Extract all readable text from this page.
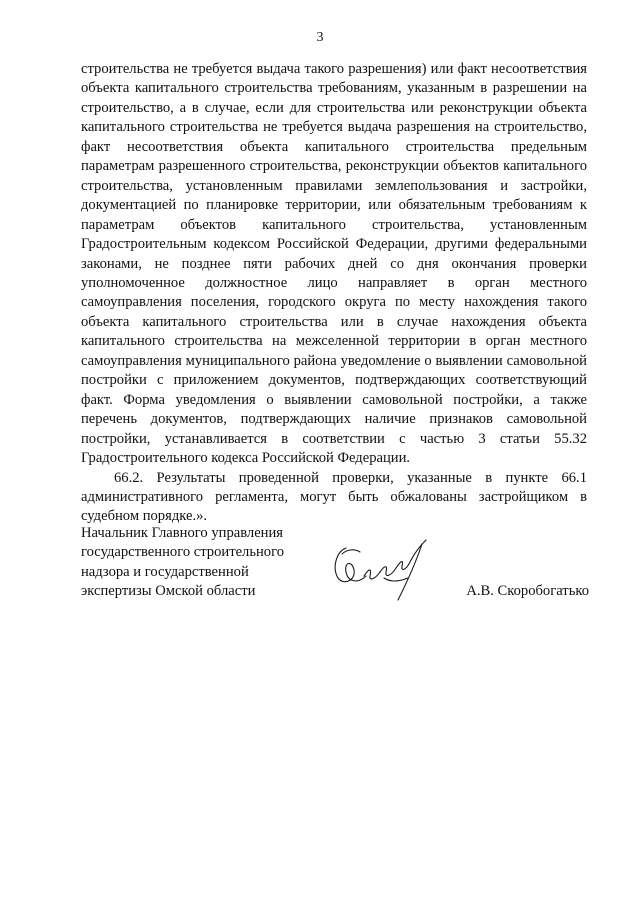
3

строительства не требуется выдача такого разрешения) или факт несоответствия объекта капитального строительства требованиям, указанным в разрешении на строительство, а в случае, если для строительства или реконструкции объекта капитального строительства не требуется выдача разрешения на строительство, факт несоответствия объекта капитального строительства предельным параметрам разрешенного строительства, реконструкции объектов капитального строительства, установленным правилами землепользования и застройки, документацией по планировке территории, или обязательным требованиям к параметрам объектов капитального строительства, установленным Градостроительным кодексом Российской Федерации, другими федеральными законами, не позднее пяти рабочих дней со дня окончания проверки уполномоченное должностное лицо направляет в орган местного самоуправления поселения, городского округа по месту нахождения такого объекта капитального строительства или в случае нахождения объекта капитального строительства на межселенной территории в орган местного самоуправления муниципального района уведомление о выявлении самовольной постройки с приложением документов, подтверждающих соответствующий факт. Форма уведомления о выявлении самовольной постройки, а также перечень документов, подтверждающих наличие признаков самовольной постройки, устанавливается в соответствии с частью 3 статьи 55.32 Градостроительного кодекса Российской Федерации.

66.2. Результаты проведенной проверки, указанные в пункте 66.1 административного регламента, могут быть обжалованы застройщиком в судебном порядке.».

Начальник Главного управления
государственного строительного
надзора и государственной
экспертизы Омской области	А.В. Скоробогатько
